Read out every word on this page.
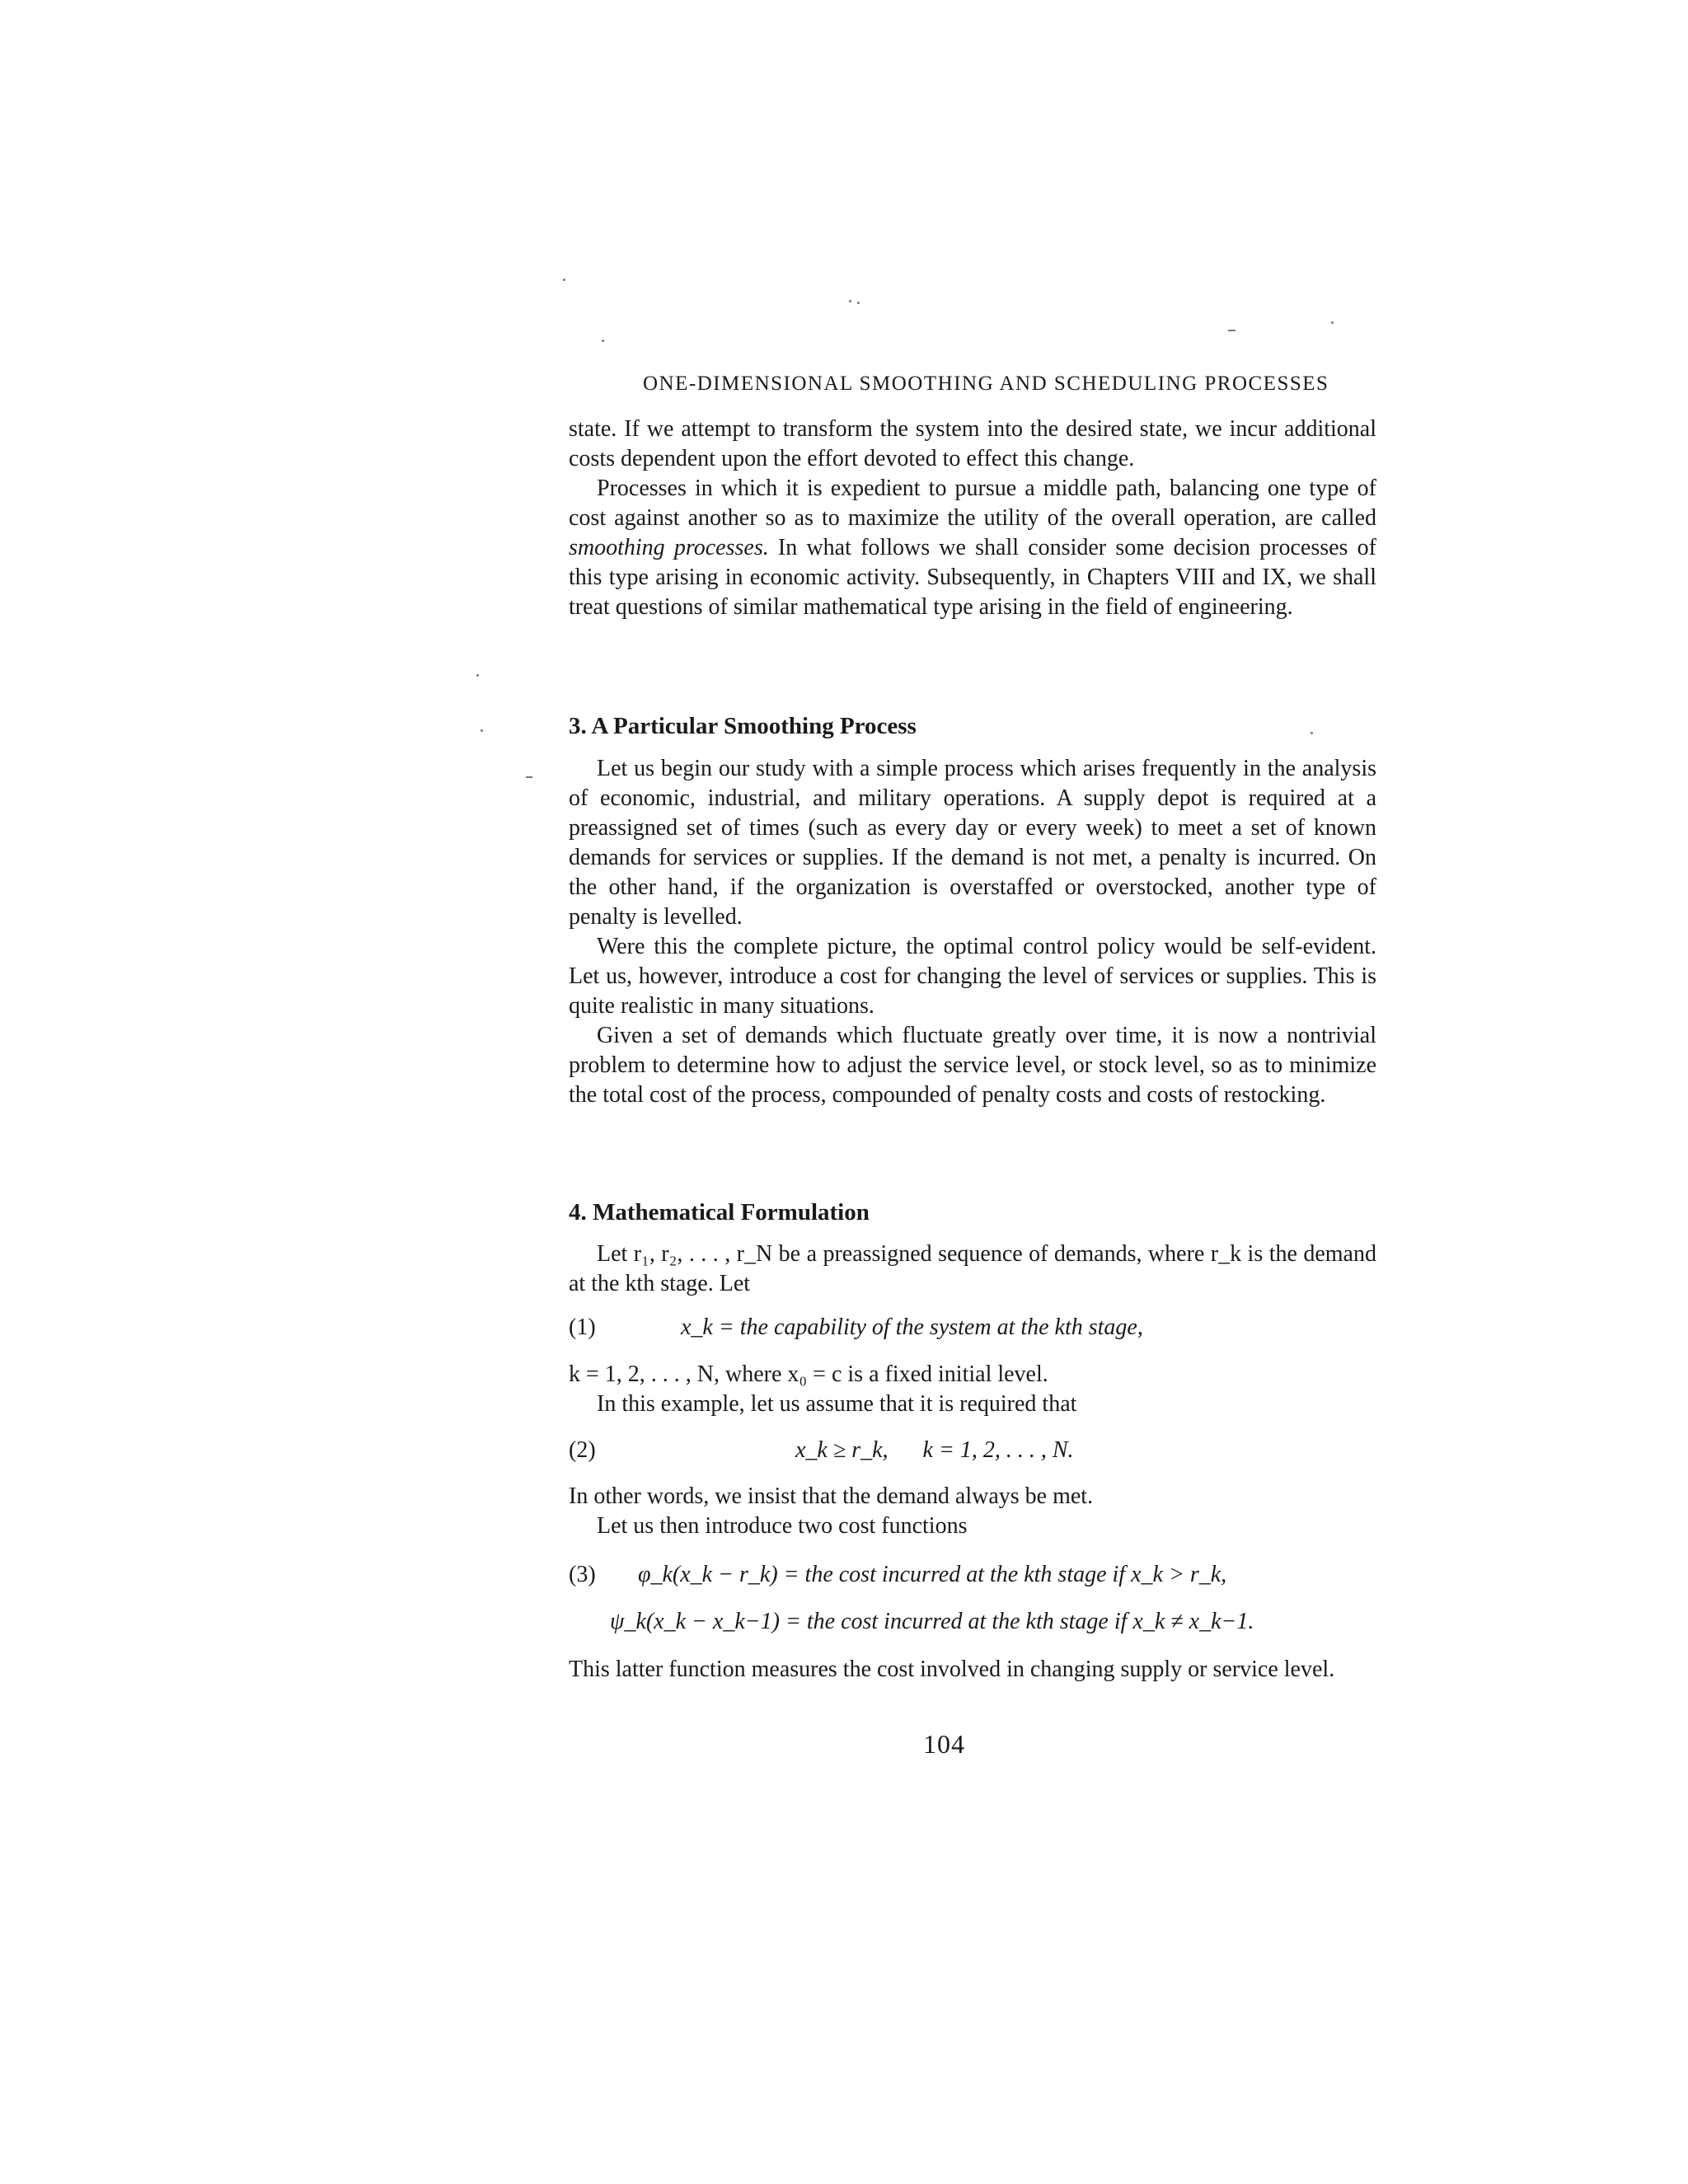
ONE-DIMENSIONAL SMOOTHING AND SCHEDULING PROCESSES

state. If we attempt to transform the system into the desired state, we incur additional costs dependent upon the effort devoted to effect this change.

Processes in which it is expedient to pursue a middle path, balancing one type of cost against another so as to maximize the utility of the overall operation, are called smoothing processes. In what follows we shall consider some decision processes of this type arising in economic activity. Subsequently, in Chapters VIII and IX, we shall treat questions of similar mathematical type arising in the field of engineering.

3. A Particular Smoothing Process

Let us begin our study with a simple process which arises frequently in the analysis of economic, industrial, and military operations. A supply depot is required at a preassigned set of times (such as every day or every week) to meet a set of known demands for services or supplies. If the demand is not met, a penalty is incurred. On the other hand, if the organization is overstaffed or overstocked, another type of penalty is levelled.

Were this the complete picture, the optimal control policy would be self-evident. Let us, however, introduce a cost for changing the level of services or supplies. This is quite realistic in many situations.

Given a set of demands which fluctuate greatly over time, it is now a nontrivial problem to determine how to adjust the service level, or stock level, so as to minimize the total cost of the process, compounded of penalty costs and costs of restocking.

4. Mathematical Formulation

Let r₁, r₂, . . . , r_N be a preassigned sequence of demands, where r_k is the demand at the kth stage. Let

(1)	x_k = the capability of the system at the kth stage,

k = 1, 2, . . . , N, where x₀ = c is a fixed initial level.

In this example, let us assume that it is required that

(2)	x_k ≥ r_k,      k = 1, 2, . . . , N.

In other words, we insist that the demand always be met.

Let us then introduce two cost functions

(3) φ_k(x_k − r_k) = the cost incurred at the kth stage if x_k > r_k,
ψ_k(x_k − x_k−1) = the cost incurred at the kth stage if x_k ≠ x_k−1.

This latter function measures the cost involved in changing supply or service level.

104
